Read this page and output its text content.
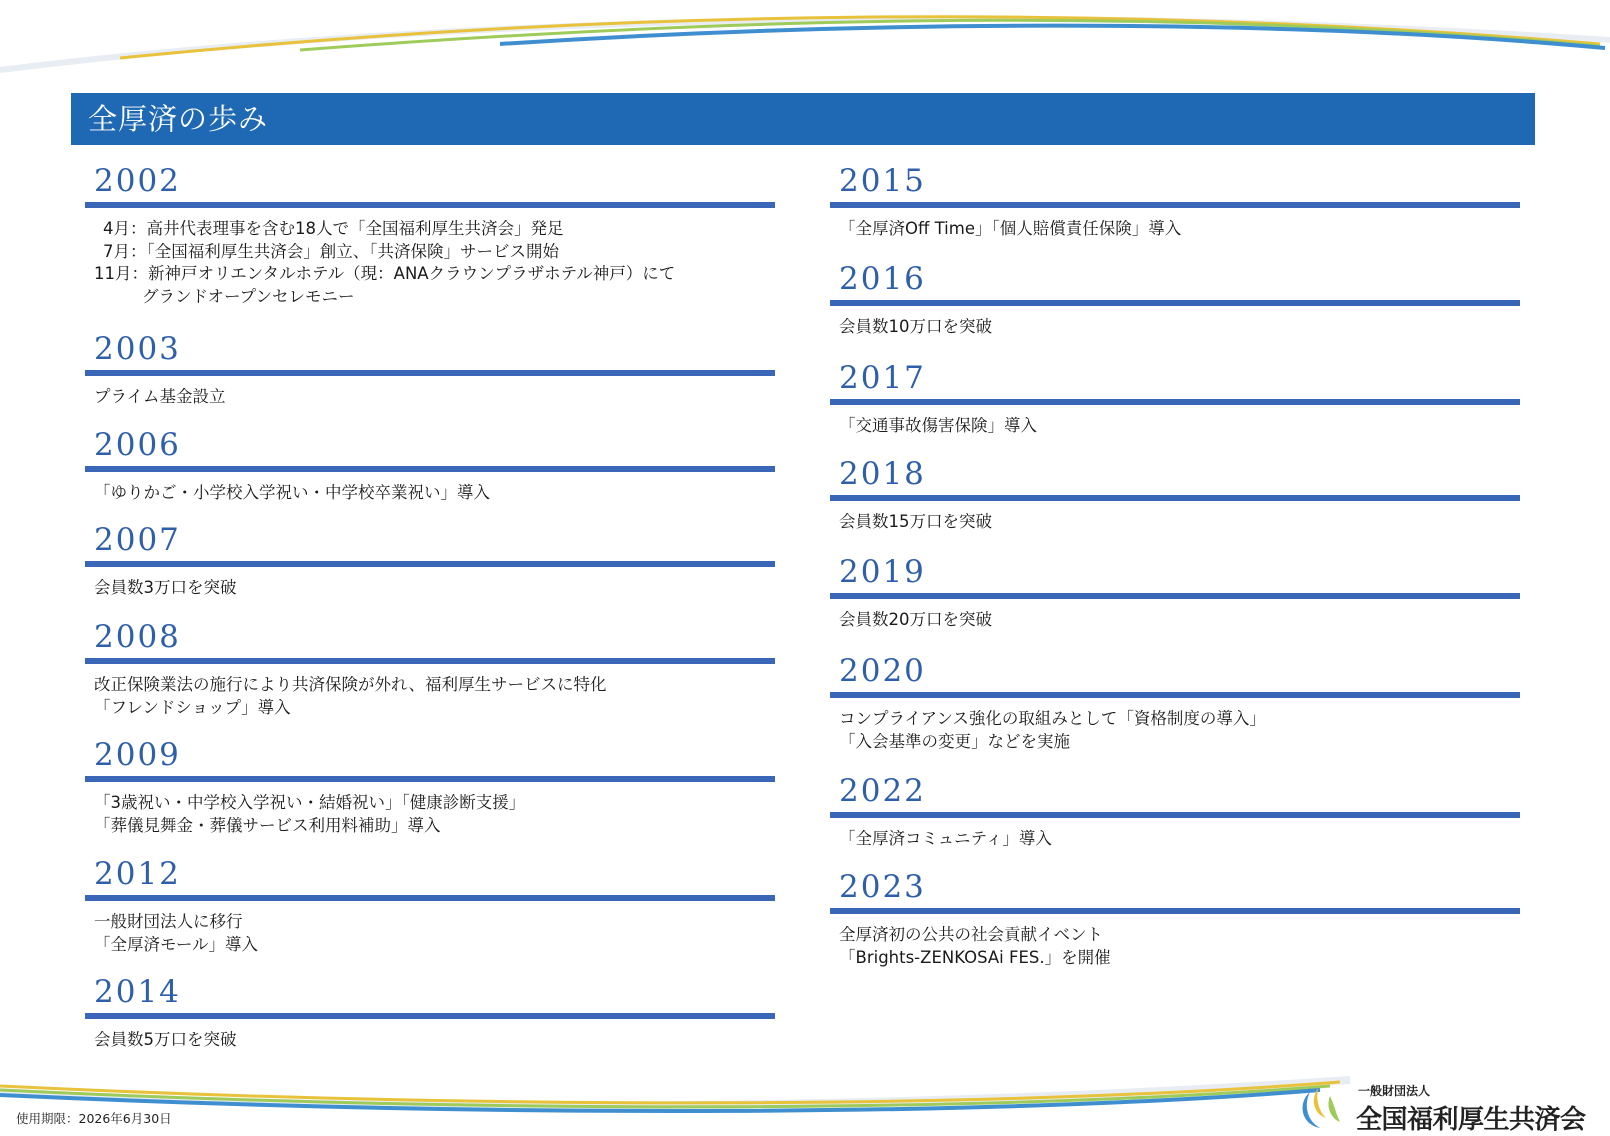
全厚済の歩み
2002
4月：高井代表理事を含む18人で「全国福利厚生共済会」発足
7月：「全国福利厚生共済会」創立、「共済保険」サービス開始
11月：新神戸オリエンタルホテル（現：ANAクラウンプラザホテル神戸）にて
グランドオープンセレモニー
2003
プライム基金設立
2006
「ゆりかご・小学校入学祝い・中学校卒業祝い」導入
2007
会員数3万口を突破
2008
改正保険業法の施行により共済保険が外れ、福利厚生サービスに特化
「フレンドショップ」導入
2009
「3歳祝い・中学校入学祝い・結婚祝い」「健康診断支援」
「葬儀見舞金・葬儀サービス利用料補助」導入
2012
一般財団法人に移行
「全厚済モール」導入
2014
会員数5万口を突破
2015
「全厚済Off Time」「個人賠償責任保険」導入
2016
会員数10万口を突破
2017
「交通事故傷害保険」導入
2018
会員数15万口を突破
2019
会員数20万口を突破
2020
コンプライアンス強化の取組みとして「資格制度の導入」
「入会基準の変更」などを実施
2022
「全厚済コミュニティ」導入
2023
全厚済初の公共の社会貢献イベント
「Brights-ZENKOSAi FES.」を開催
使用期限：2026年6月30日
一般財団法人
全国福利厚生共済会
